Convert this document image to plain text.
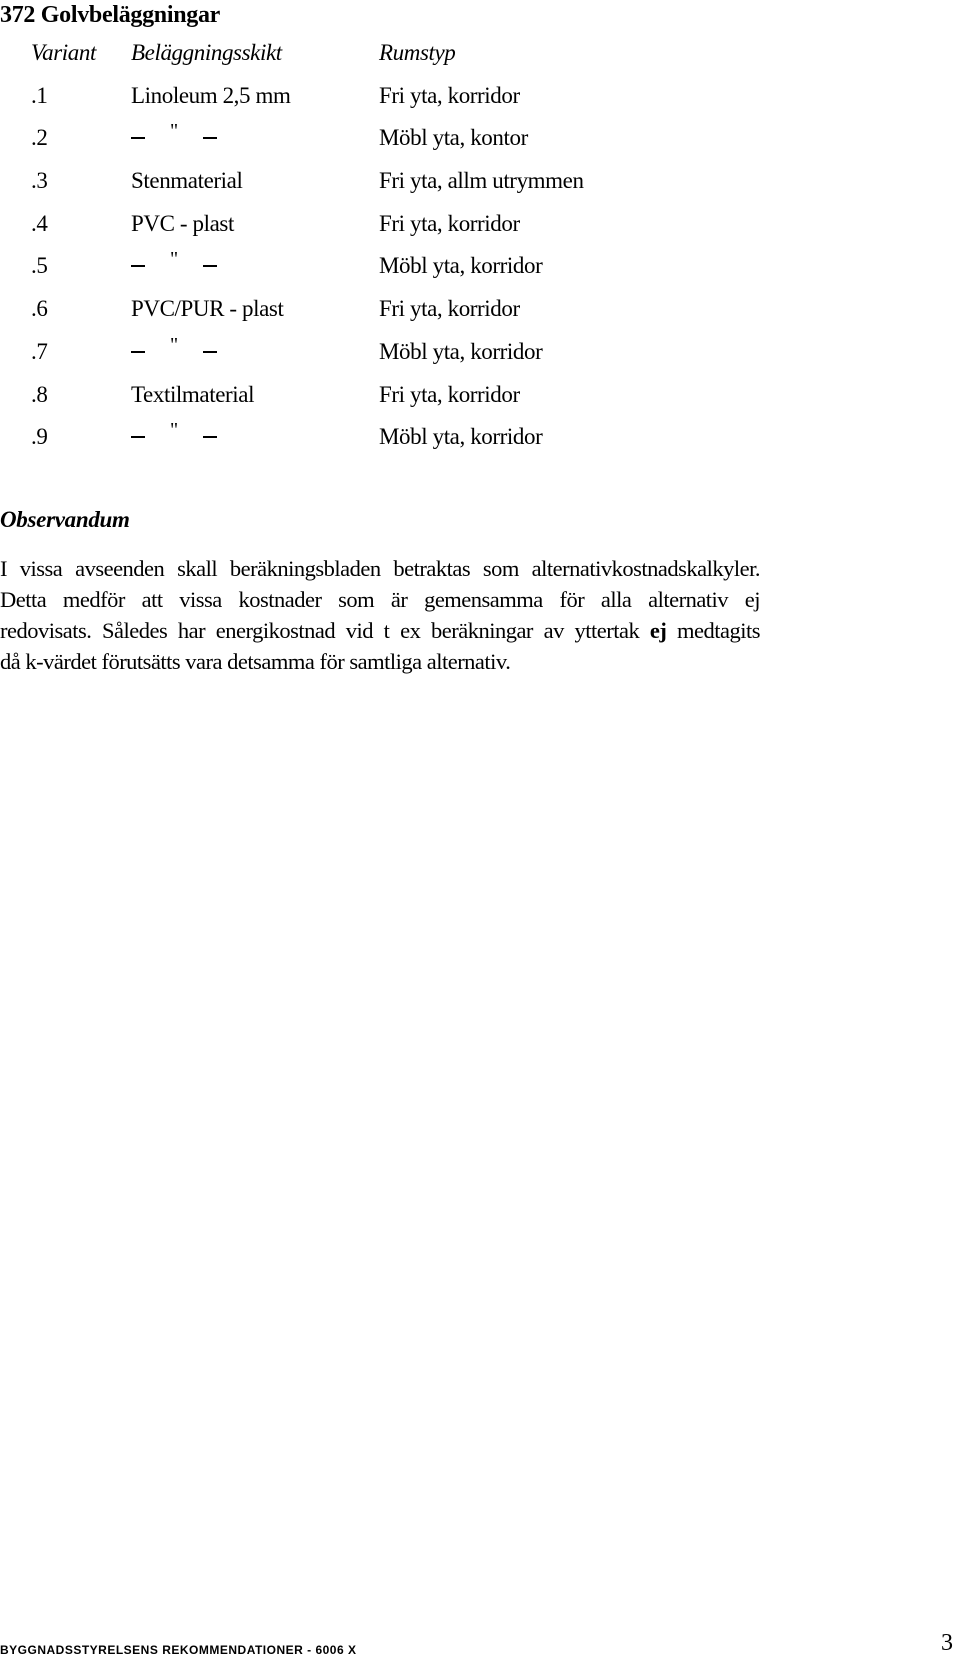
372 Golvbeläggningar
Variant Beläggningsskikt	Rumstyp
.1	Linoleum 2,5 mm	Fri yta, korridor
.2	"	Möbl yta, kontor
.3	Stenmaterial	Fri yta, allm utrymmen
.4	PVC - plast	Fri yta, korridor
.5	"	Möbl yta, korridor
.6	PVC/PUR - plast	Fri yta, korridor
.7	"	Möbl yta, korridor
.8	Textilmaterial	Fri yta, korridor
.9	"	Möbl yta, korridor
Observandum
I vissa avseenden skall beräkningsbladen betraktas som alternativkostnadskalkyler.
Detta medför att vissa kostnader som är gemensamma för alla alternativ ej
redovisats. Således har energikostnad vid t ex beräkningar av yttertak ej medtagits
då k-värdet förutsätts vara detsamma för samtliga alternativ.
BYGGNADSSTYRELSENS REKOMMENDATIONER - 6006 X	3
